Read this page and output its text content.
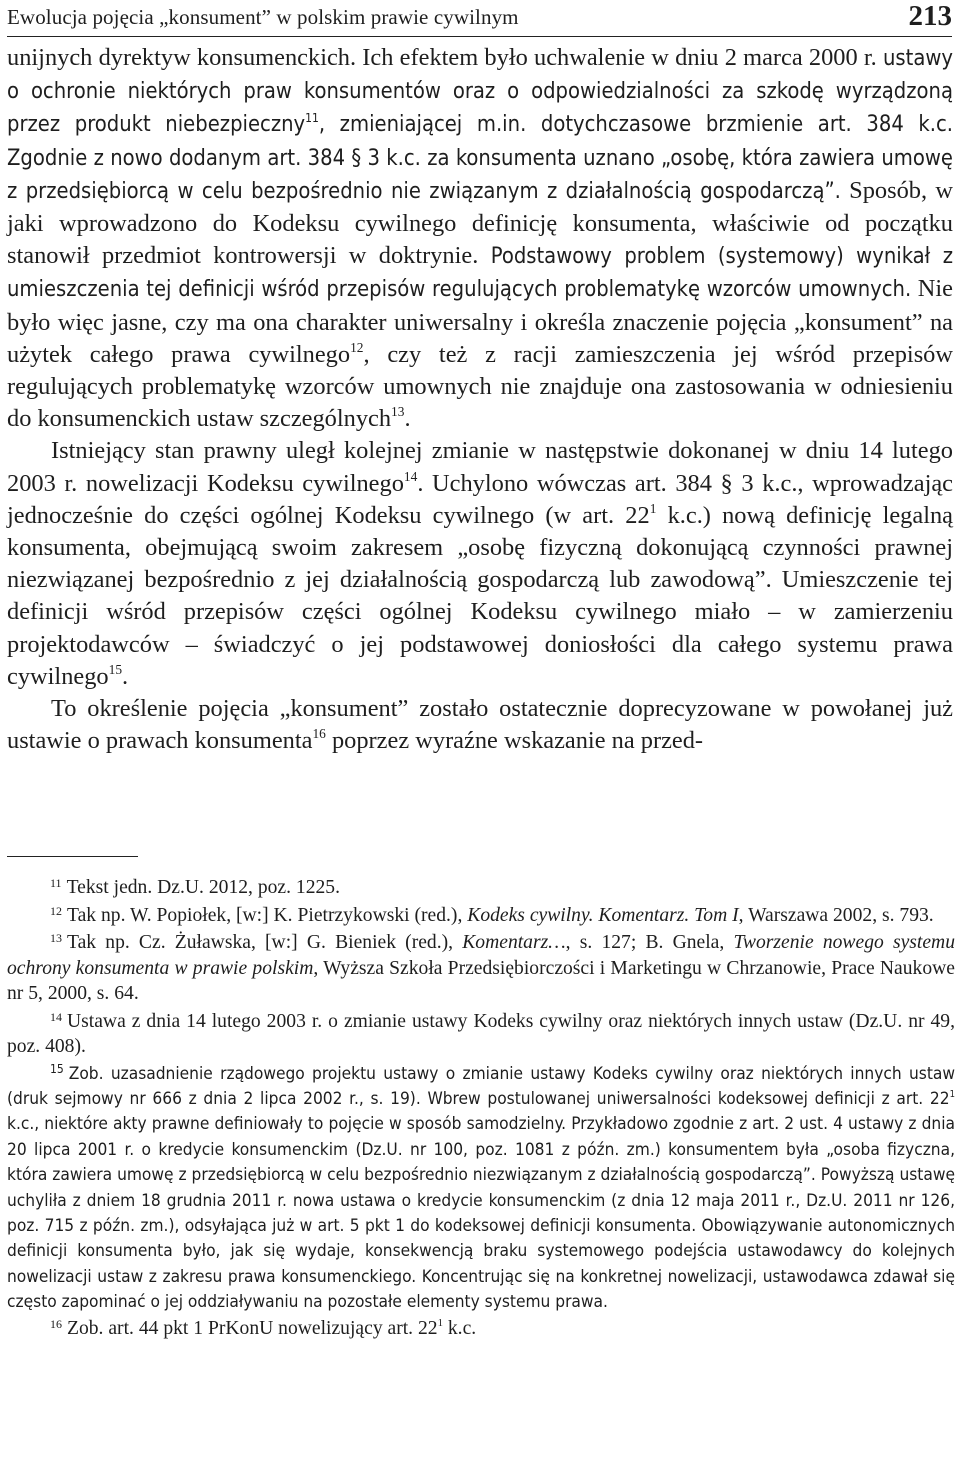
Ewolucja pojęcia „konsument” w polskim prawie cywilnym	213

unijnych dyrektyw konsumenckich. Ich efektem było uchwalenie w dniu 2 marca 2000 r. ustawy o ochronie niektórych praw konsumentów oraz o odpowiedzialności za szkodę wyrządzoną przez produkt niebezpieczny$^{11}$, zmieniającej m.in. dotychczasowe brzmienie art. 384 k.c. Zgodnie z nowo dodanym art. 384 § 3 k.c. za konsumenta uznano „osobę, która zawiera umowę z przedsiębiorcą w celu bezpośrednio nie związanym z działalnością gospodarczą”. Sposób, w jaki wprowadzono do Kodeksu cywilnego definicję konsumenta, właściwie od początku stanowił przedmiot kontrowersji w doktrynie. Podstawowy problem (systemowy) wynikał z umieszczenia tej definicji wśród przepisów regulujących problematykę wzorców umownych. Nie było więc jasne, czy ma ona charakter uniwersalny i określa znaczenie pojęcia „konsument” na użytek całego prawa cywilnego$^{12}$, czy też z racji zamieszczenia jej wśród przepisów regulujących problematykę wzorców umownych nie znajduje ona zastosowania w odniesieniu do konsumenckich ustaw szczególnych$^{13}$.

Istniejący stan prawny uległ kolejnej zmianie w następstwie dokonanej w dniu 14 lutego 2003 r. nowelizacji Kodeksu cywilnego$^{14}$. Uchylono wówczas art. 384 § 3 k.c., wprowadzając jednocześnie do części ogólnej Kodeksu cywilnego (w art. $22^1$ k.c.) nową definicję legalną konsumenta, obejmującą swoim zakresem „osobę fizyczną dokonującą czynności prawnej niezwiązanej bezpośrednio z jej działalnością gospodarczą lub zawodową”. Umieszczenie tej definicji wśród przepisów części ogólnej Kodeksu cywilnego miało – w zamierzeniu projektodawców – świadczyć o jej podstawowej doniosłości dla całego systemu prawa cywilnego$^{15}$.

To określenie pojęcia „konsument” zostało ostatecznie doprecyzowane w powołanej już ustawie o prawach konsumenta$^{16}$ poprzez wyraźne wskazanie na przed-

$^{11}$ Tekst jedn. Dz.U. 2012, poz. 1225.

$^{12}$ Tak np. W. Popiołek, [w:] K. Pietrzykowski (red.), Kodeks cywilny. Komentarz. Tom I, Warszawa 2002, s. 793.

$^{13}$ Tak np. Cz. Żuławska, [w:] G. Bieniek (red.), Komentarz…, s. 127; B. Gnela, Tworzenie nowego systemu ochrony konsumenta w prawie polskim, Wyższa Szkoła Przedsiębiorczości i Marketingu w Chrzanowie, Prace Naukowe nr 5, 2000, s. 64.

$^{14}$ Ustawa z dnia 14 lutego 2003 r. o zmianie ustawy Kodeks cywilny oraz niektórych innych ustaw (Dz.U. nr 49, poz. 408).

$^{15}$ Zob. uzasadnienie rządowego projektu ustawy o zmianie ustawy Kodeks cywilny oraz niektórych innych ustaw (druk sejmowy nr 666 z dnia 2 lipca 2002 r., s. 19). Wbrew postulowanej uniwersalności kodeksowej definicji z art. $22^1$ k.c., niektóre akty prawne definiowały to pojęcie w sposób samodzielny. Przykładowo zgodnie z art. 2 ust. 4 ustawy z dnia 20 lipca 2001 r. o kredycie konsumenckim (Dz.U. nr 100, poz. 1081 z późn. zm.) konsumentem była „osoba fizyczna, która zawiera umowę z przedsiębiorcą w celu bezpośrednio niezwiązanym z działalnością gospodarczą”. Powyższą ustawę uchyliła z dniem 18 grudnia 2011 r. nowa ustawa o kredycie konsumenckim (z dnia 12 maja 2011 r., Dz.U. 2011 nr 126, poz. 715 z późn. zm.), odsyłająca już w art. 5 pkt 1 do kodeksowej definicji konsumenta. Obowiązywanie autonomicznych definicji konsumenta było, jak się wydaje, konsekwencją braku systemowego podejścia ustawodawcy do kolejnych nowelizacji ustaw z zakresu prawa konsumenckiego. Koncentrując się na konkretnej nowelizacji, ustawodawca zdawał się często zapominać o jej oddziaływaniu na pozostałe elementy systemu prawa.

$^{16}$ Zob. art. 44 pkt 1 PrKonU nowelizujący art. $22^1$ k.c.
